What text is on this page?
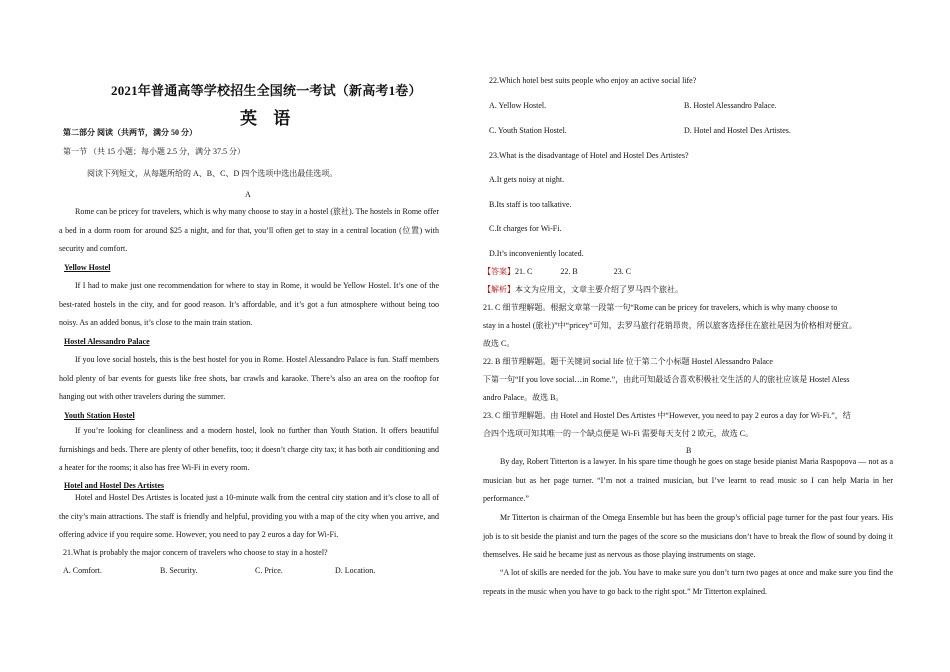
2021年普通高等学校招生全国统一考试（新高考1卷）
英 语
第二部分 阅读（共两节，满分 50 分）
第一节 （共 15 小题；每小题 2.5 分，满分 37.5 分）
阅读下列短文，从每题所给的 A、B、C、D 四个选项中选出最佳选项。
A
Rome can be pricey for travelers, which is why many choose to stay in a hostel (旅社). The hostels in Rome offer a bed in a dorm room for around $25 a night, and for that, you’ll often get to stay in a central location (位置) with security and comfort.
Yellow Hostel
If I had to make just one recommendation for where to stay in Rome, it would be Yellow Hostel. It’s one of the best-rated hostels in the city, and for good reason. It’s affordable, and it’s got a fun atmosphere without being too noisy. As an added bonus, it’s close to the main train station.
Hostel Alessandro Palace
If you love social hostels, this is the best hostel for you in Rome. Hostel Alessandro Palace is fun. Staff members hold plenty of bar events for guests like free shots, bar crawls and karaoke. There’s also an area on the rooftop for hanging out with other travelers during the summer.
Youth Station Hostel
If you’re looking for cleanliness and a modern hostel, look no further than Youth Station. It offers beautiful furnishings and beds. There are plenty of other benefits, too; it doesn’t charge city tax; it has both air conditioning and a heater for the rooms; it also has free Wi-Fi in every room.
Hotel and Hostel Des Artistes
Hotel and Hostel Des Artistes is located just a 10-minute walk from the central city station and it’s close to all of the city’s main attractions. The staff is friendly and helpful, providing you with a map of the city when you arrive, and offering advice if you require some. However, you need to pay 2 euros a day for Wi-Fi.
21.What is probably the major concern of travelers who choose to stay in a hostel?
A. Comfort.	B. Security.	C. Price.	D. Location.
22.Which hotel best suits people who enjoy an active social life?
A. Yellow Hostel.	B. Hostel Alessandro Palace.
C. Youth Station Hostel.	D. Hotel and Hostel Des Artistes.
23.What is the disadvantage of Hotel and Hostel Des Artistes?
A.It gets noisy at night.
B.Its staff is too talkative.
C.It charges for Wi-Fi.
D.It’s inconveniently located.
【答案】21. C	22. B	23. C
【解析】本文为应用文，文章主要介绍了罗马四个旅社。
21. C 细节理解题。根据文章第一段第一句“Rome can be pricey for travelers, which is why many choose to
stay in a hostel (旅社)”中“pricey”可知，去罗马旅行花销昂贵，所以旅客选择住在旅社是因为价格相对便宜。
故选 C。
22. B 细节理解题。题干关键词 social life 位于第二个小标题 Hostel Alessandro Palace
下第一句“If you love social…in Rome.”，由此可知最适合喜欢积极社交生活的人的旅社应该是 Hostel Aless
andro Palace。故选 B。
23. C 细节理解题。由 Hotel and Hostel Des Artistes 中“However, you need to pay 2 euros a day for Wi-Fi.”，结
合四个选项可知其唯一的一个缺点便是 Wi-Fi 需要每天支付 2 欧元，故选 C。
B
By day, Robert Titterton is a lawyer. In his spare time though he goes on stage beside pianist Maria Raspopova — not as a musician but as her page turner. “I’m not a trained musician, but I’ve learnt to read music so I can help Maria in her performance.”
Mr Titterton is chairman of the Omega Ensemble but has been the group’s official page turner for the past four years. His job is to sit beside the pianist and turn the pages of the score so the musicians don’t have to break the flow of sound by doing it themselves. He said he became just as nervous as those playing instruments on stage.
“A lot of skills are needed for the job. You have to make sure you don’t turn two pages at once and make sure you find the repeats in the music when you have to go back to the right spot.” Mr Titterton explained.
